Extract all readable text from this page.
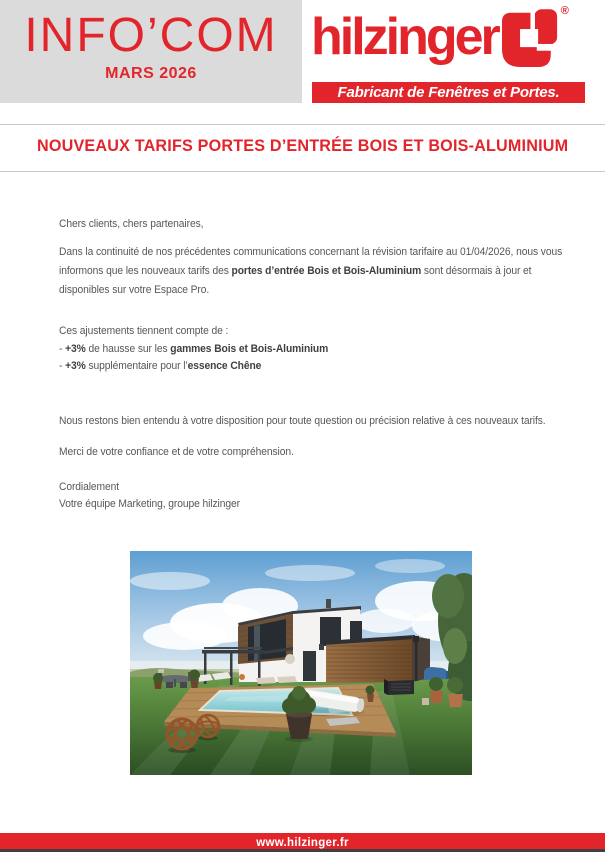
INFO’COM
MARS 2026
hilzinger	®
Fabricant de Fenêtres et Portes.
NOUVEAUX TARIFS PORTES D’ENTRÉE BOIS ET BOIS-ALUMINIUM

Chers clients, chers partenaires,

Dans la continuité de nos précédentes communications concernant la révision tarifaire au 01/04/2026, nous vous informons que les nouveaux tarifs des portes d’entrée Bois et Bois-Aluminium sont désormais à jour et disponibles sur votre Espace Pro.

Ces ajustements tiennent compte de :

- +3% de hausse sur les gammes Bois et Bois-Aluminium
- +3% supplémentaire pour l’essence Chêne

Nous restons bien entendu à votre disposition pour toute question ou précision relative à ces nouveaux tarifs.

Merci de votre confiance et de votre compréhension.

Cordialement
Votre équipe Marketing, groupe hilzinger
www.hilzinger.fr
